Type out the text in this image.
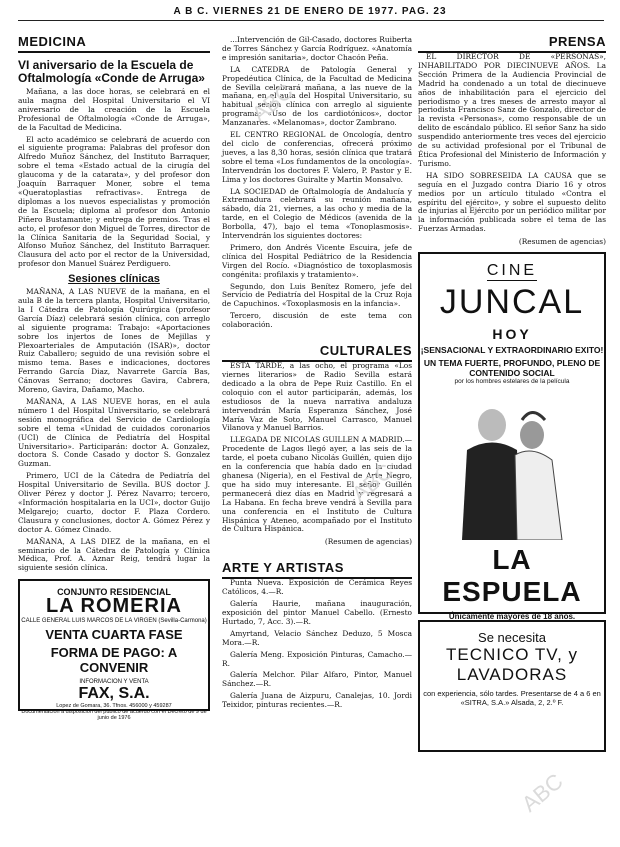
A B C. VIERNES 21 DE ENERO DE 1977. PAG. 23
MEDICINA
VI aniversario de la Escuela de Oftalmología «Conde de Arruga»

Mañana, a las doce horas, se celebrará en el aula magna del Hospital Universitario el VI aniversario de la creación de la Escuela Profesional de Oftalmología «Conde de Arruga», de la Facultad de Medicina.

El acto académico se celebrará de acuerdo con el siguiente programa: Palabras del profesor don Alfredo Muñoz Sánchez, del Instituto Barraquer, sobre el tema «Estado actual de la cirugía del glaucoma y de la catarata», y del profesor don Joaquín Barraquer Moner, sobre el tema «Queratoplastias refractivas». Entrega de diplomas a los nuevos especialistas y promoción de la Escuela; diploma al profesor don Antonio Piñero Bustamante; y entrega de premios. Tras el acto, el profesor don Miguel de Torres, director de la Clínica Sanitaria de la Seguridad Social, y Alfonso Muñoz Sánchez, del Instituto Barraquer. Clausura del acto por el rector de la Universidad, profesor don Manuel Suárez Perdiguero.

Sesiones clínicas

MAÑANA, A LAS NUEVE de la mañana, en el aula B de la tercera planta, Hospital Universitario, la I Cátedra de Patología Quirúrgica (profesor García Díaz) celebrará sesión clínica, con arreglo al siguiente programa: Trabajo: «Aportaciones sobre los injertos de Iones de Mejillas y Plexoarteriales de Amputación (ISAR)», doctor Ruiz Caballero; seguido de una revisión sobre el mismo tema. Bases e indicaciones, doctores Ferrando García Diaz, Navarrete García Bas, Cánovas Serrano; doctores Gavira, Cabrera, Moreno, Gavira, Dañamo, Macho.

MAÑANA, A LAS NUEVE horas, en el aula número 1 del Hospital Universitario, se celebrará sesión monográfica del Servicio de Cardiología sobre el tema «Unidad de cuidados coronarios (UCI) de Clínica de Pediatría del Hospital Universitario». Participarán: doctor A. Gonzalez, doctora S. Conde Casado y doctor S. Gonzalez Guzman.

Primero, UCI de la Cátedra de Pediatría del Hospital Universitario de Sevilla. BUS doctor J. Oliver Pérez y doctor J. Pérez Navarro; tercero, «Información hospitalaria en la UCI», doctor Guijo Melgarejo; cuarto, doctor F. Plaza Cordero. Clausura y conclusiones, doctor A. Gómez Pérez y doctor A. Gómez Cinado.

MAÑANA, A LAS DIEZ de la mañana, en el seminario de la Cátedra de Patología y Clínica Médica, Prof. A. Aznar Reig, tendrá lugar la siguiente sesión clínica.

CONJUNTO RESIDENCIAL
LA ROMERIA
CALLE GENERAL LUIS MARCOS DE LA VIRGEN (Sevilla-Carmona)
VENTA CUARTA FASE
FORMA DE PAGO: A CONVENIR
INFORMACION Y VENTA
FAX, S.A.
Lopez de Gomara, 36. Tfnos. 456000 y 459287
Documentación a disposición del público de acuerdo con el Decreto de 9 de junio de 1976

...Intervención de Gil-Casado, doctores Ruiberta de Torres Sánchez y García Rodríguez. «Anatomía e impresión sanitaria», doctor Chacón Peña.

LA CATEDRA de Patología General y Propedéutica Clínica, de la Facultad de Medicina de Sevilla celebrará mañana, a las nueve de la mañana, en el aula del Hospital Universitario, su habitual sesión clínica con arreglo al siguiente programa: «Uso de los cardiotónicos», doctor Manzanares. «Melanomas», doctor Zambrano.

EL CENTRO REGIONAL de Oncología, dentro del ciclo de conferencias, ofrecerá próximo jueves, a las 8,30 horas, sesión clínica que tratará sobre el tema «Los fundamentos de la oncología». Intervendrán los doctores F. Valero, P. Pastor y E. Lima y los doctores Guiralte y Martin Monsalvo.

LA SOCIEDAD de Oftalmología de Andalucía y Extremadura celebrará su reunión mañana, sábado, día 21, viernes, a las ocho y media de la tarde, en el Colegio de Médicos (avenida de la Borbolla, 47), bajo el tema «Tonoplasmosis». Intervendrán los siguientes doctores:

Primero, don Andrés Vicente Escuira, jefe de clínica del Hospital Pediátrico de la Residencia Virgen del Rocío. «Diagnóstico de toxoplasmosis congénita: profilaxis y tratamiento».

Segundo, don Luis Benítez Romero, jefe del Servicio de Pediatría del Hospital de la Cruz Roja de Capuchinos. «Toxoplasmosis en la infancia».

Tercero, discusión de este tema con colaboración.

CULTURALES

ESTA TARDE, a las ocho, el programa «Los viernes literarios» de Radio Sevilla estará dedicado a la obra de Pepe Ruiz Castillo. En el coloquio con el autor participarán, además, los estudiosos de la nueva narrativa andaluza intervendrán María Esperanza Sánchez, José María Vaz de Soto, Manuel Carrasco, Manuel Vilanova y Manuel Barrios.

LLEGADA DE NICOLAS GUILLEN A MADRID.—Procedente de Lagos llegó ayer, a las seis de la tarde, el poeta cubano Nicolás Guillén, quien dijo en la conferencia que había dado en la ciudad ghanesa (Nigeria), en el Festival de Arte Negro, que ha sido muy interesante. El señor Guillén permanecerá diez días en Madrid y regresará a La Habana. En fecha breve vendrá a Sevilla para una conferencia en el Instituto de Cultura Hispánica y Ateneo, acompañado por el Instituto de Cultura Hispánica.

(Resumen de agencias)
ARTE Y ARTISTAS

Punta Nueva. Exposición de Cerámica Reyes Católicos, 4.—R.

Galería Haurie, mañana inauguración, exposición del pintor Manuel Cabello. (Ernesto Hurtado, 7, Acc. 3).—R.

Amyrtand, Velacio Sánchez Deduzo, 5 Mosca Mora.—R.

Galería Meng. Exposición Pinturas, Camacho.—R.

Galería Melchor. Pilar Alfaro, Pintor, Manuel Sánchez.—R.

Galería Juana de Aizpuru, Canalejas, 10. Jordi Teixidor, pinturas recientes.—R.

PRENSA

EL DIRECTOR DE «PERSONAS», INHABILITADO POR DIECINUEVE AÑOS. La Sección Primera de la Audiencia Provincial de Madrid ha condenado a un total de diecinueve años de inhabilitación para el ejercicio del periodismo y a tres meses de arresto mayor al periodista Francisco Sanz de Gonzalo, director de la revista «Personas», como responsable de un delito de escándalo público. El señor Sanz ha sido suspendido anteriormente tres veces del ejercicio de su actividad profesional por el Tribunal de Ética Profesional del Ministerio de Información y Turismo.

HA SIDO SOBRESEIDA LA CAUSA que se seguía en el Juzgado contra Diario 16 y otros medios por un artículo titulado «Contra el espíritu del ejército», y sobre el supuesto delito de injurias al Ejército por un periódico militar por la información publicada sobre el tema de las Fuerzas Armadas.

(Resumen de agencias)
CINE
JUNCAL
HOY
¡SENSACIONAL Y EXTRAORDINARIO EXITO!
UN TEMA FUERTE, PROFUNDO, PLENO DE CONTENIDO SOCIAL
por los hombres estelares de la película
LA ESPUELA
Únicamente mayores de 18 años.
Se necesita
TECNICO TV, y LAVADORAS
con experiencia, sólo tardes. Presentarse de 4 a 6 en «SITRA, S.A.» Alsada, 2, 2.º F.
ABC
ABC
ABC
